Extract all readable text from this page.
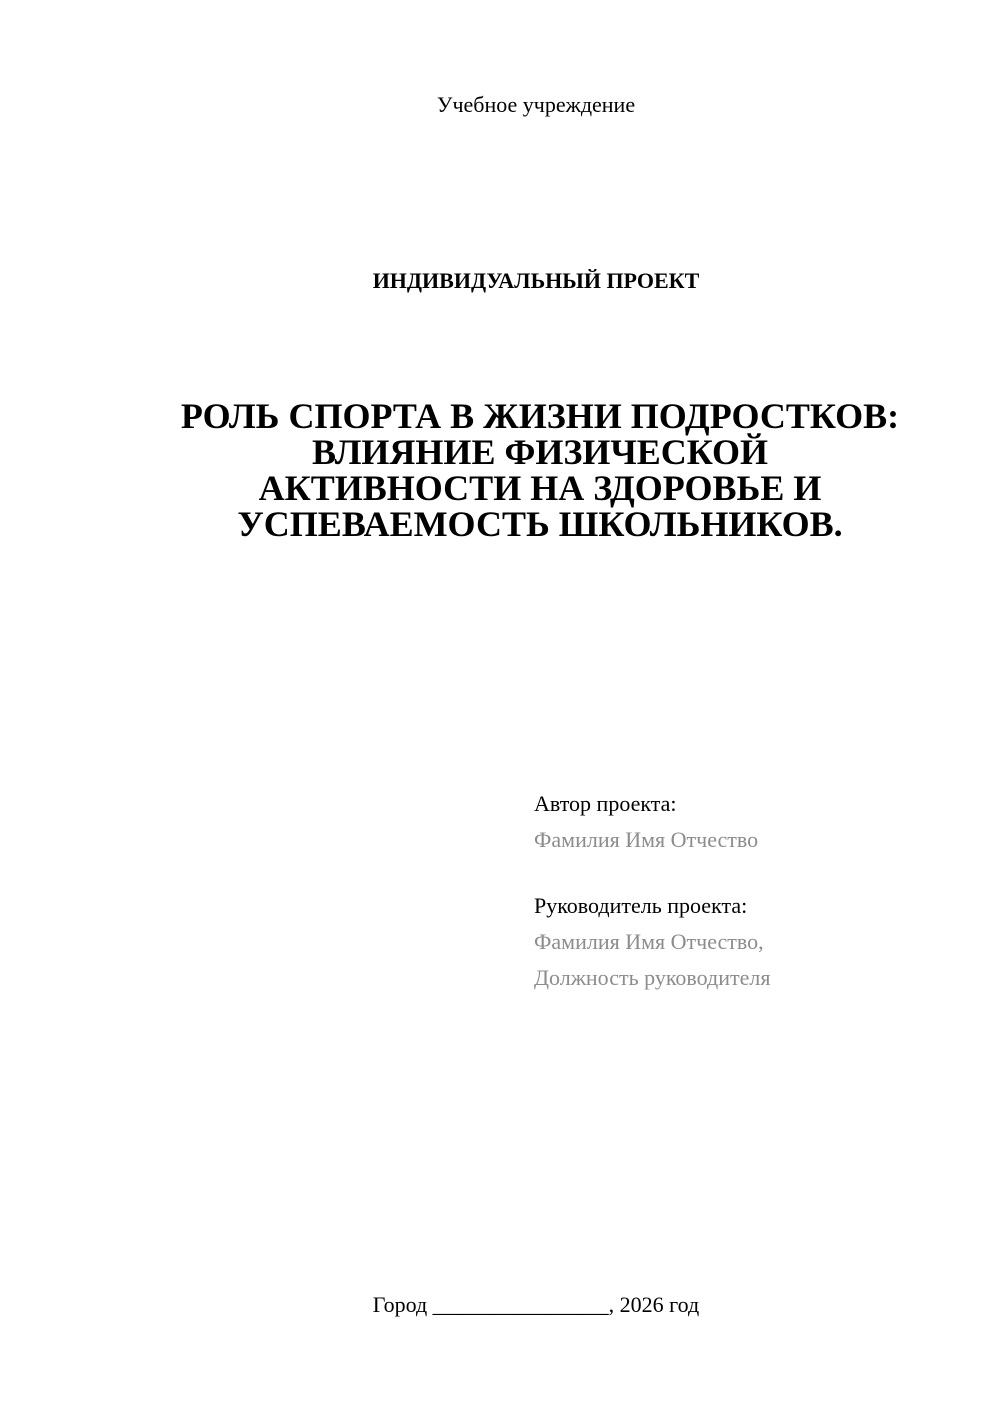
Учебное учреждение
ИНДИВИДУАЛЬНЫЙ ПРОЕКТ
РОЛЬ СПОРТА В ЖИЗНИ ПОДРОСТКОВ:
ВЛИЯНИЕ ФИЗИЧЕСКОЙ
АКТИВНОСТИ НА ЗДОРОВЬЕ И
УСПЕВАЕМОСТЬ ШКОЛЬНИКОВ.
Автор проекта:
Фамилия Имя Отчество
Руководитель проекта:
Фамилия Имя Отчество,
Должность руководителя
Город ________________, 2026 год
